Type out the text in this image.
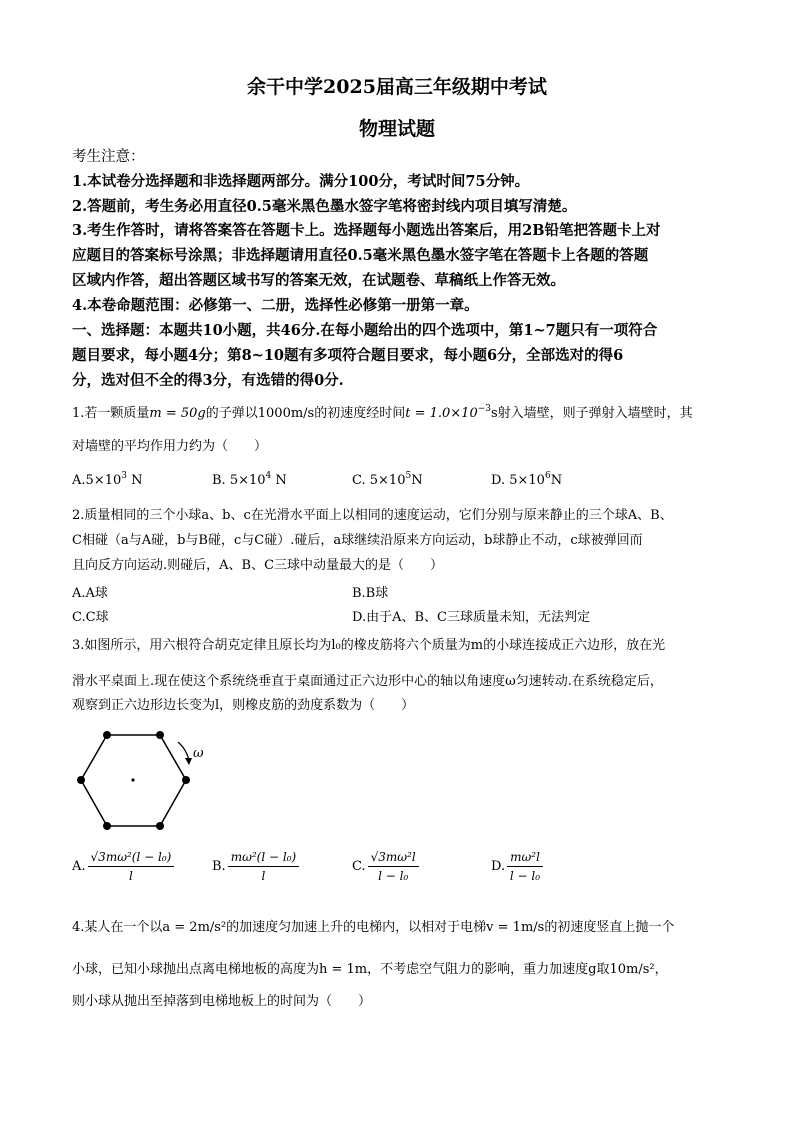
余干中学2025届高三年级期中考试
物理试题
考生注意：
1.本试卷分选择题和非选择题两部分。满分100分，考试时间75分钟。
2.答题前，考生务必用直径0.5毫米黑色墨水签字笔将密封线内项目填写清楚。
3.考生作答时，请将答案答在答题卡上。选择题每小题选出答案后，用2B铅笔把答题卡上对
应题目的答案标号涂黑；非选择题请用直径0.5毫米黑色墨水签字笔在答题卡上各题的答题
区域内作答，超出答题区域书写的答案无效，在试题卷、草稿纸上作答无效。
4.本卷命题范围：必修第一、二册，选择性必修第一册第一章。
一、选择题：本题共10小题，共46分.在每小题给出的四个选项中，第1~7题只有一项符合
题目要求，每小题4分；第8~10题有多项符合题目要求，每小题6分，全部选对的得6
分，选对但不全的得3分，有选错的得0分.
1.若一颗质量m = 50g的子弹以1000m/s的初速度经时间$t = 1.0\times 10^{-3}s$射入墙壁，则子弹射入墙壁时，其
对墙壁的平均作用力约为（　　）
$A.5\times 10^3$ N	B. $5\times 10^4$ N	C. $5\times 10^5N$	D. $5\times 10^6N$
2.质量相同的三个小球a、b、c在光滑水平面上以相同的速度运动，它们分别与原来静止的三个球A、B、
C相碰（a与A碰，b与B碰，c与C碰）.碰后，a球继续沿原来方向运动，b球静止不动，c球被弹回而
且向反方向运动.则碰后，A、B、C三球中动量最大的是（　　）
A.A球	B.B球
C.C球	D.由于A、B、C三球质量未知，无法判定
3.如图所示，用六根符合胡克定律且原长均为l₀的橡皮筋将六个质量为m的小球连接成正六边形，放在光
滑水平桌面上.现在使这个系统绕垂直于桌面通过正六边形中心的轴以角速度ω匀速转动.在系统稳定后，
观察到正六边形边长变为l，则橡皮筋的劲度系数为（　　）
ω
A. $\frac{\text{√3mω²(l − l₀)}}{l}$	B. $\frac{\text{mω²(l − l₀)}}{l}$	C. $\frac{\text{√3mω²l}}{\text{l − l₀}}$	D. $\frac{\text{mω²l}}{\text{l − l₀}}$
4.某人在一个以a = 2m/s²的加速度匀加速上升的电梯内，以相对于电梯v = 1m/s的初速度竖直上抛一个
小球，已知小球抛出点离电梯地板的高度为h = 1m，不考虑空气阻力的影响，重力加速度g取10m/s²，
则小球从抛出至掉落到电梯地板上的时间为（　　）
